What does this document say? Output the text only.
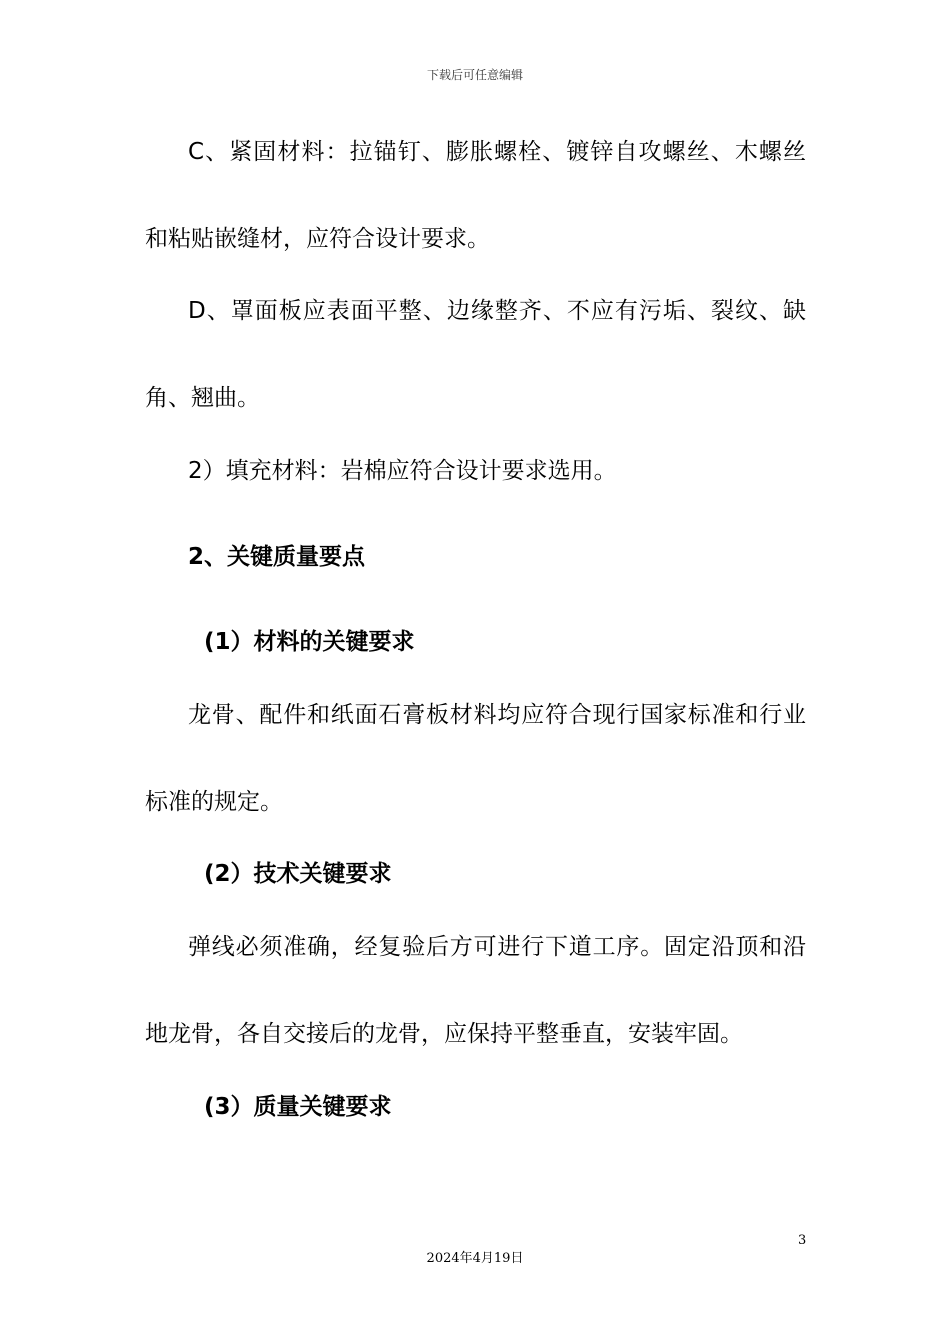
下载后可任意编辑
C、紧固材料：拉锚钉、膨胀螺栓、镀锌自攻螺丝、木螺丝
和粘贴嵌缝材，应符合设计要求。
D、罩面板应表面平整、边缘整齐、不应有污垢、裂纹、缺
角、翘曲。
2）填充材料：岩棉应符合设计要求选用。
2、关键质量要点
(1）材料的关键要求
龙骨、配件和纸面石膏板材料均应符合现行国家标准和行业
标准的规定。
(2）技术关键要求
弹线必须准确，经复验后方可进行下道工序。固定沿顶和沿
地龙骨，各自交接后的龙骨，应保持平整垂直，安装牢固。
(3）质量关键要求
3
2024年4月19日
